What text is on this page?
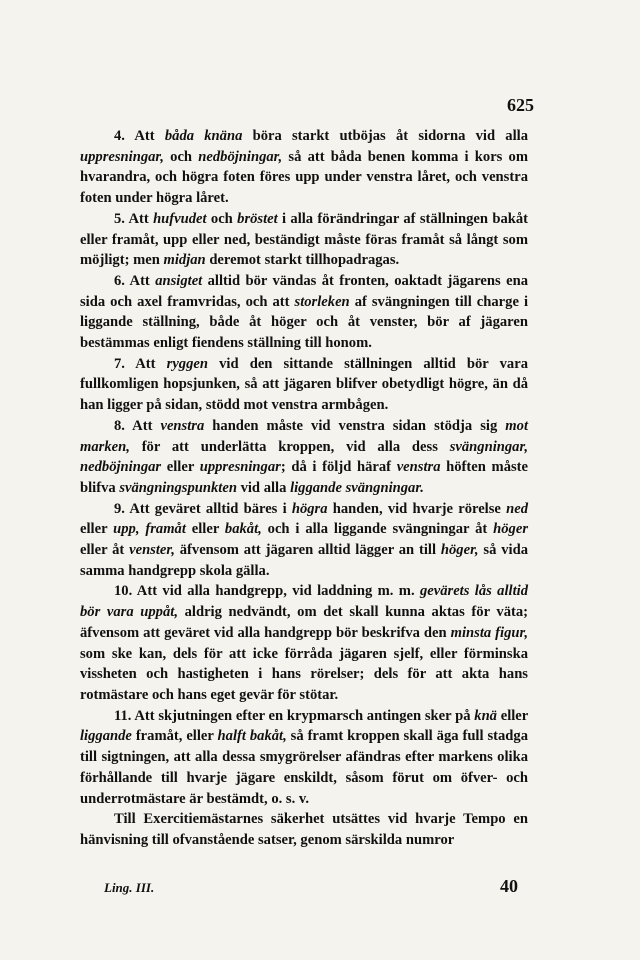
625

4. Att båda knäna böra starkt utböjas åt sidorna vid alla uppresningar, och nedböjningar, så att båda benen komma i kors om hvarandra, och högra foten föres upp under venstra låret, och venstra foten under högra låret.

5. Att hufvudet och bröstet i alla förändringar af ställningen bakåt eller framåt, upp eller ned, beständigt måste föras framåt så långt som möjligt; men midjan deremot starkt tillhopadragas.

6. Att ansigtet alltid bör vändas åt fronten, oaktadt jägarens ena sida och axel framvridas, och att storleken af svängningen till charge i liggande ställning, både åt höger och åt venster, bör af jägaren bestämmas enligt fiendens ställning till honom.

7. Att ryggen vid den sittande ställningen alltid bör vara fullkomligen hopsjunken, så att jägaren blifver obetydligt högre, än då han ligger på sidan, stödd mot venstra armbågen.

8. Att venstra handen måste vid venstra sidan stödja sig mot marken, för att underlätta kroppen, vid alla dess svängningar, nedböjningar eller uppresningar; då i följd häraf venstra höften måste blifva svängningspunkten vid alla liggande svängningar.

9. Att geväret alltid bäres i högra handen, vid hvarje rörelse ned eller upp, framåt eller bakåt, och i alla liggande svängningar åt höger eller åt venster, äfvensom att jägaren alltid lägger an till höger, så vida samma handgrepp skola gälla.

10. Att vid alla handgrepp, vid laddning m. m. gevärets lås alltid bör vara uppåt, aldrig nedvändt, om det skall kunna aktas för väta; äfvensom att geväret vid alla handgrepp bör beskrifva den minsta figur, som ske kan, dels för att icke förråda jägaren sjelf, eller förminska vissheten och hastigheten i hans rörelser; dels för att akta hans rotmästare och hans eget gevär för stötar.

11. Att skjutningen efter en krypmarsch antingen sker på knä eller liggande framåt, eller halft bakåt, så framt kroppen skall äga full stadga till sigtningen, att alla dessa smygrörelser afändras efter markens olika förhållande till hvarje jägare enskildt, såsom förut om öfver- och underrotmästare är bestämdt, o. s. v.

Till Exercitiemästarnes säkerhet utsättes vid hvarje Tempo en hänvisning till ofvanstående satser, genom särskilda numror

Ling. III.	40
